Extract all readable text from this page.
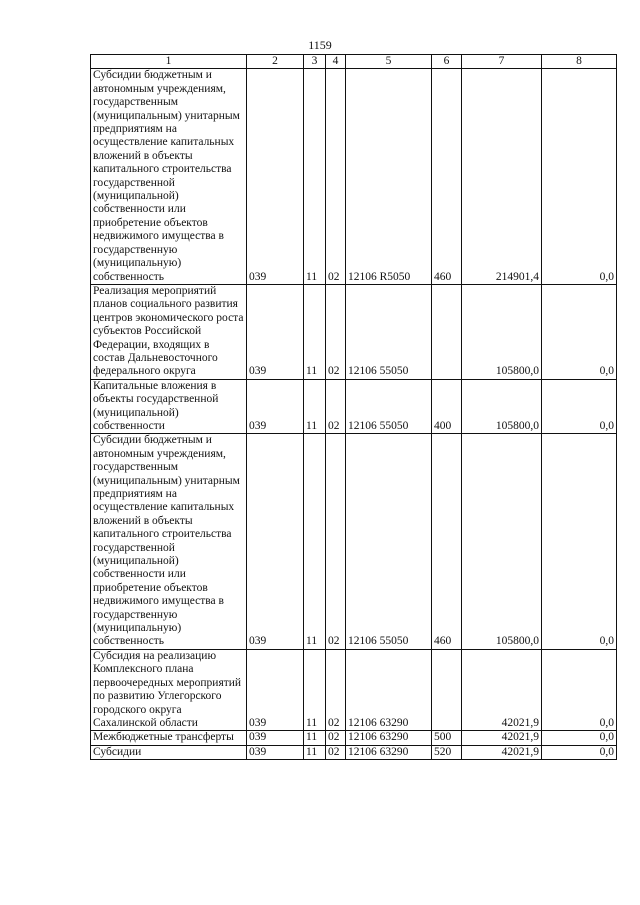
1159
1	2	3	4	5	6	7	8
Субсидии бюджетным и автономным учреждениям, государственным (муниципальным) унитарным предприятиям на осуществление капитальных вложений в объекты капитального строительства государственной (муниципальной) собственности или приобретение объектов недвижимого имущества в государственную (муниципальную) собственность	039	11	02	12106 R5050	460	214901,4	0,0
Реализация мероприятий планов социального развития центров экономического роста субъектов Российской Федерации, входящих в состав Дальневосточного федерального округа	039	11	02	12106 55050		105800,0	0,0
Капитальные вложения в объекты государственной (муниципальной) собственности	039	11	02	12106 55050	400	105800,0	0,0
Субсидии бюджетным и автономным учреждениям, государственным (муниципальным) унитарным предприятиям на осуществление капитальных вложений в объекты капитального строительства государственной (муниципальной) собственности или приобретение объектов недвижимого имущества в государственную (муниципальную) собственность	039	11	02	12106 55050	460	105800,0	0,0
Субсидия на реализацию Комплексного плана первоочередных мероприятий по развитию Углегорского городского округа Сахалинской области	039	11	02	12106 63290		42021,9	0,0
Межбюджетные трансферты	039	11	02	12106 63290	500	42021,9	0,0
Субсидии	039	11	02	12106 63290	520	42021,9	0,0
